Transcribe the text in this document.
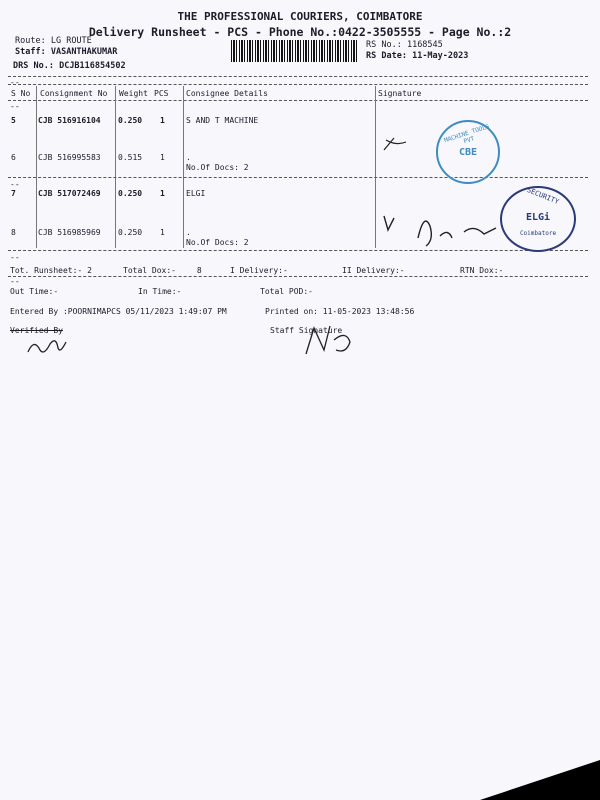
THE PROFESSIONAL COURIERS, COIMBATORE
Delivery Runsheet - PCS - Phone No.:0422-3505555 - Page No.:2
Route: LG ROUTE
Staff: VASANTHAKUMAR
DRS No.: DCJB116854502
RS No.: 1168545
RS Date: 11-May-2023
--
S No Consignment No Weight PCS Consignee Details	Signature
--
5	CJB 516916104 0.250 1	S AND T MACHINE
6	CJB 516995583 0.515 1	.
No.Of Docs: 2
--
7	CJB 517072469 0.250 1	ELGI
8	CJB 516985969 0.250 1	.
No.Of Docs: 2
--
Tot. Runsheet:- 2	Total Dox:-	8	I Delivery:-	II Delivery:-	RTN Dox:-
--
Out Time:-	In Time:-	Total POD:-
Entered By :POORNIMAPCS 05/11/2023 1:49:07 PM	Printed on: 11-05-2023 13:48:56
Verified By	Staff Signature
MACHINE TOOLS PVT
CBE
SECURITY
ELGi
Coimbatore
